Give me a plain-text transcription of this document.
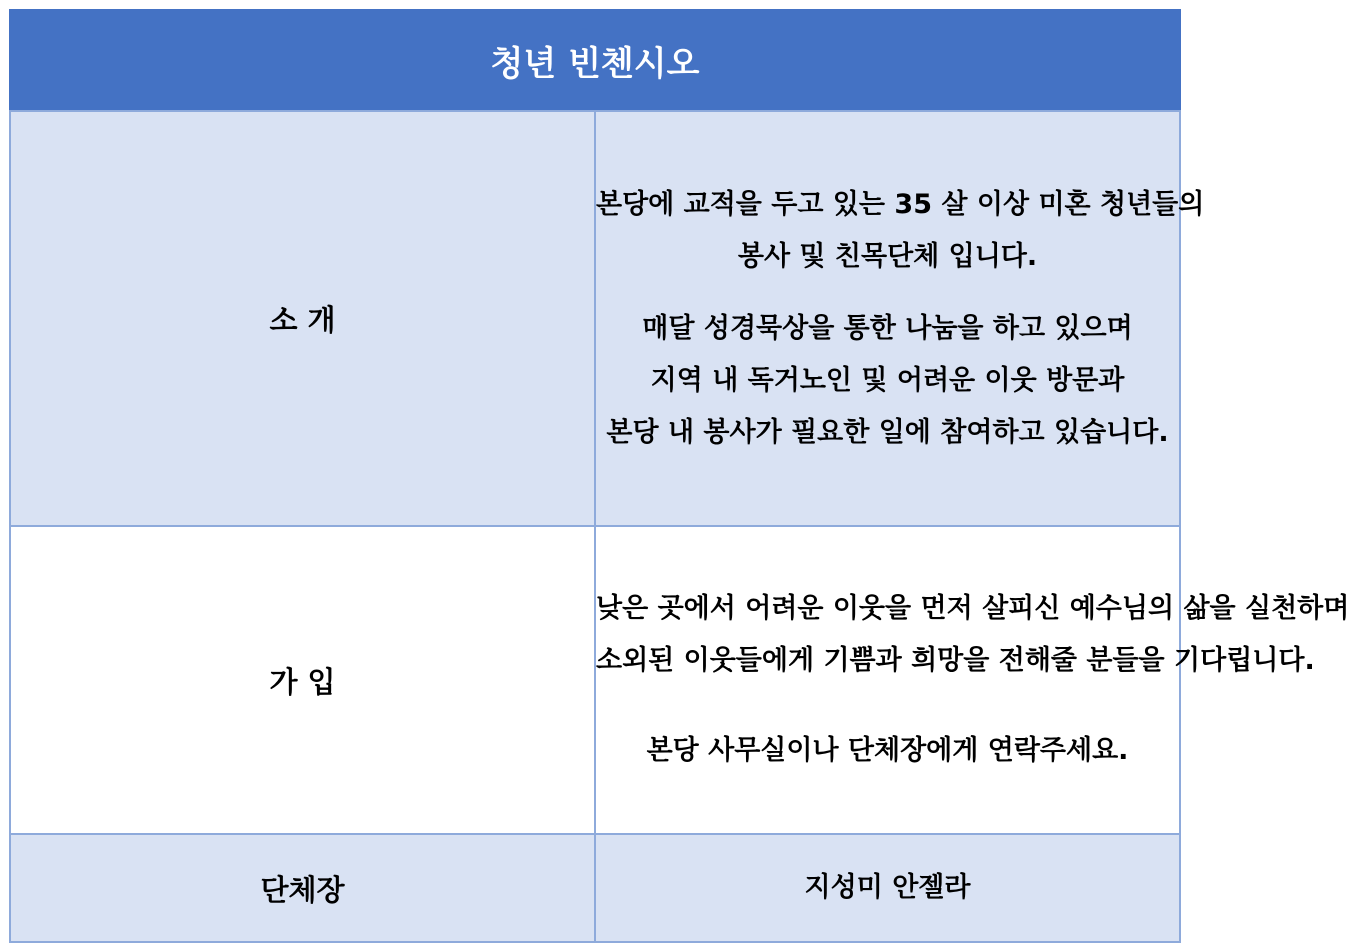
청년 빈첸시오	
소 개	본당에 교적을 두고 있는 35 살 이상 미혼 청년들의
봉사 및 친목단체 입니다.

매달 성경묵상을 통한 나눔을 하고 있으며
지역 내 독거노인 및 어려운 이웃 방문과
본당 내 봉사가 필요한 일에 참여하고 있습니다.

가 입	낮은 곳에서 어려운 이웃을 먼저 살피신 예수님의 삶을 실천하며
소외된 이웃들에게 기쁨과 희망을 전해줄 분들을 기다립니다.

본당 사무실이나 단체장에게 연락주세요.

단체장	지성미 안젤라
